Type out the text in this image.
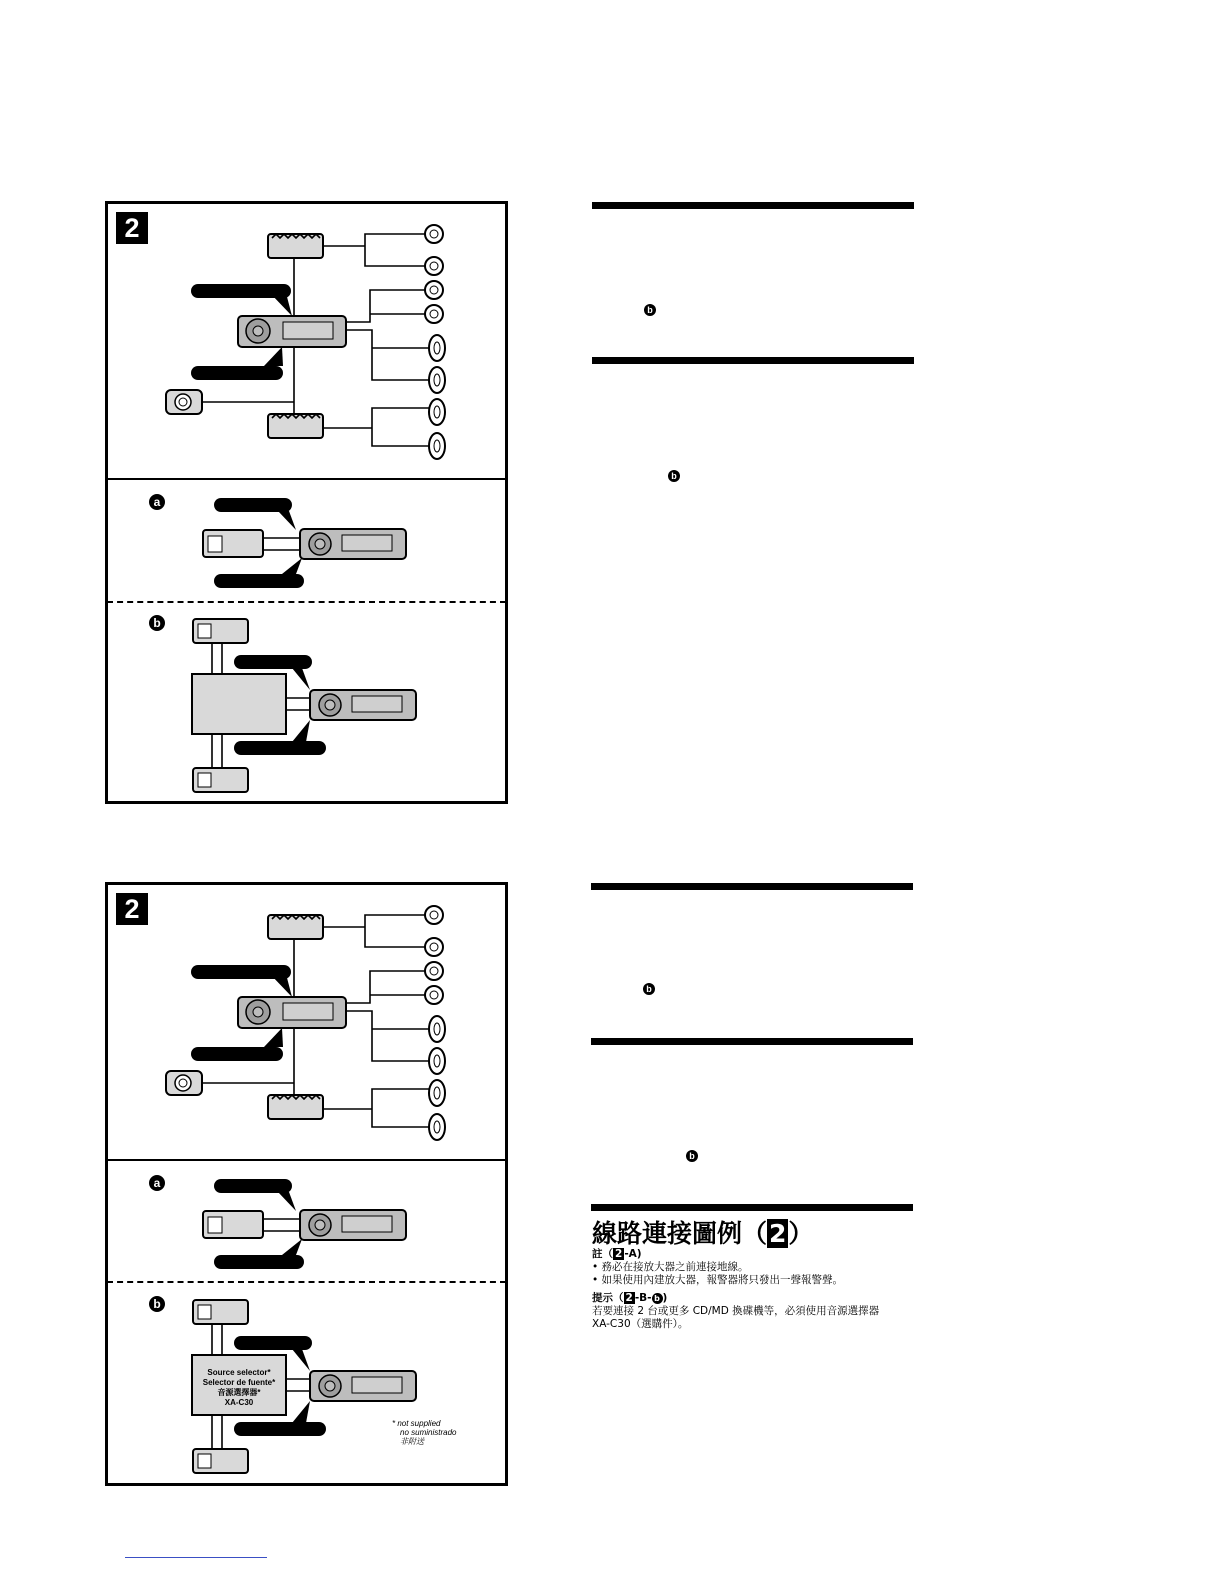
2
a
b
2
a
b
Source selector*
Selector de fuente*
音源選擇器*
XA-C30
* not supplied
no suministrado
非附送
b
b
b
b
線路連接圖例（2）
註（ 2 -A)
• 務必在接放大器之前連接地線。
• 如果使用內建放大器，報警器將只發出一聲報警聲。
提示（ 2 -B- b )
若要連接 2 台或更多 CD/MD 換碟機等，必須使用音源選擇器
XA-C30（選購件）。
